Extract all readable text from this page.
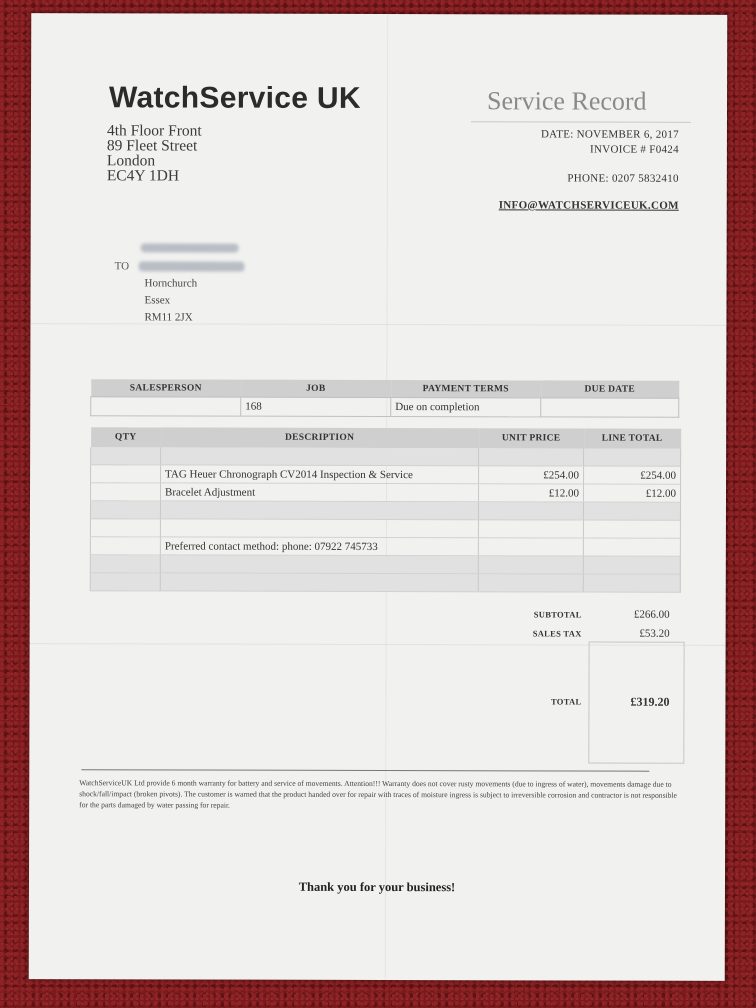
WatchService UK	Service Record
4th Floor Front
89 Fleet Street
London
EC4Y 1DH
DATE: NOVEMBER 6, 2017
INVOICE # F0424
PHONE: 0207 5832410
INFO@WATCHSERVICEUK.COM
TO
Hornchurch
Essex
RM11 2JX
SALESPERSON	JOB	PAYMENT TERMS	DUE DATE
	168	Due on completion	
QTY	DESCRIPTION	UNIT PRICE	LINE TOTAL

	TAG Heuer Chronograph CV2014 Inspection & Service	£254.00	£254.00
	Bracelet Adjustment	£12.00	£12.00

	Preferred contact method: phone: 07922 745733		

SUBTOTAL	£266.00
SALES TAX	£53.20
TOTAL	£319.20
WatchServiceUK Ltd provide 6 month warranty for battery and service of movements. Attention!!! Warranty does not cover rusty movements (due to ingress of water), movements damage due to shock/fall/impact (broken pivots). The customer is warned that the product handed over for repair with traces of moisture ingress is subject to irreversible corrosion and contractor is not responsible for the parts damaged by water passing for repair.
Thank you for your business!
